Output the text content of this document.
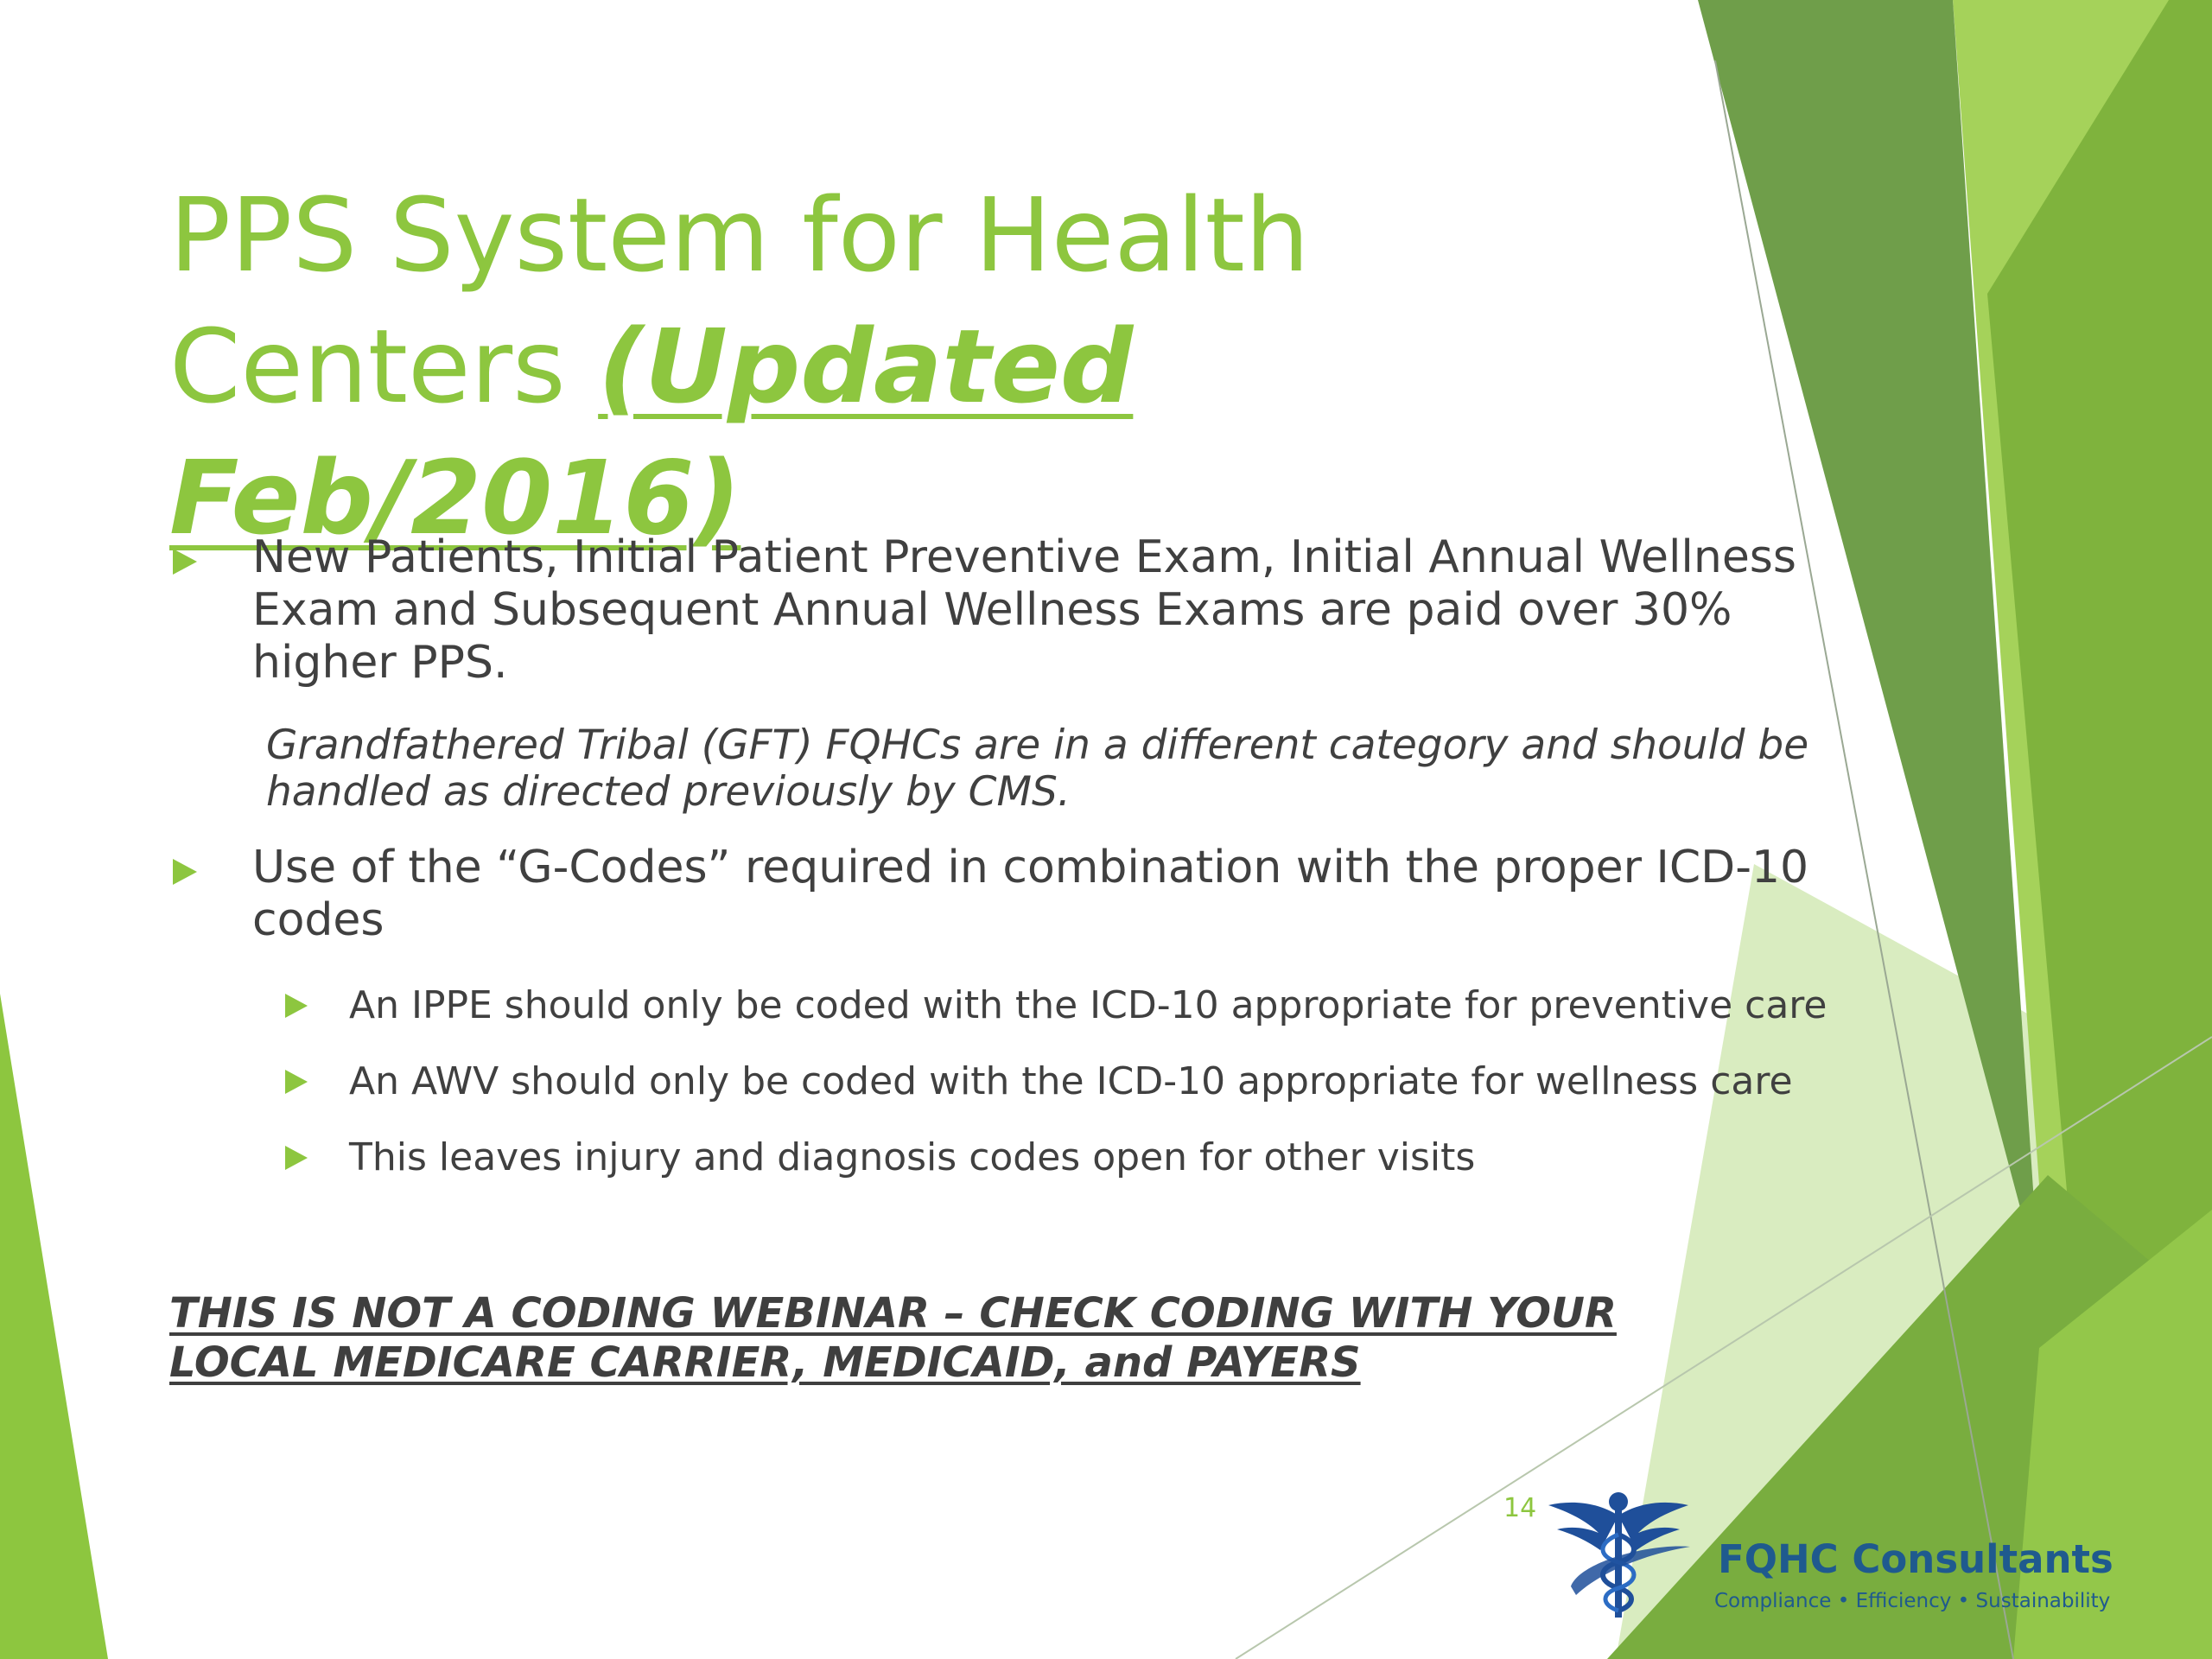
PPS System for Health
Centers (Updated Feb/2016)
New Patients, Initial Patient Preventive Exam, Initial Annual Wellness Exam and Subsequent Annual Wellness Exams are paid over 30% higher PPS.
Grandfathered Tribal (GFT) FQHCs are in a different category and should be handled as directed previously by CMS.
Use of the “G-Codes” required in combination with the proper ICD-10 codes
An IPPE should only be coded with the ICD-10 appropriate for preventive care
An AWV should only be coded with the ICD-10 appropriate for wellness care
This leaves injury and diagnosis codes open for other visits
THIS IS NOT A CODING WEBINAR – CHECK CODING WITH YOUR LOCAL MEDICARE CARRIER, MEDICAID, and PAYERS
14
FQHC Consultants
Compliance • Efficiency • Sustainability
